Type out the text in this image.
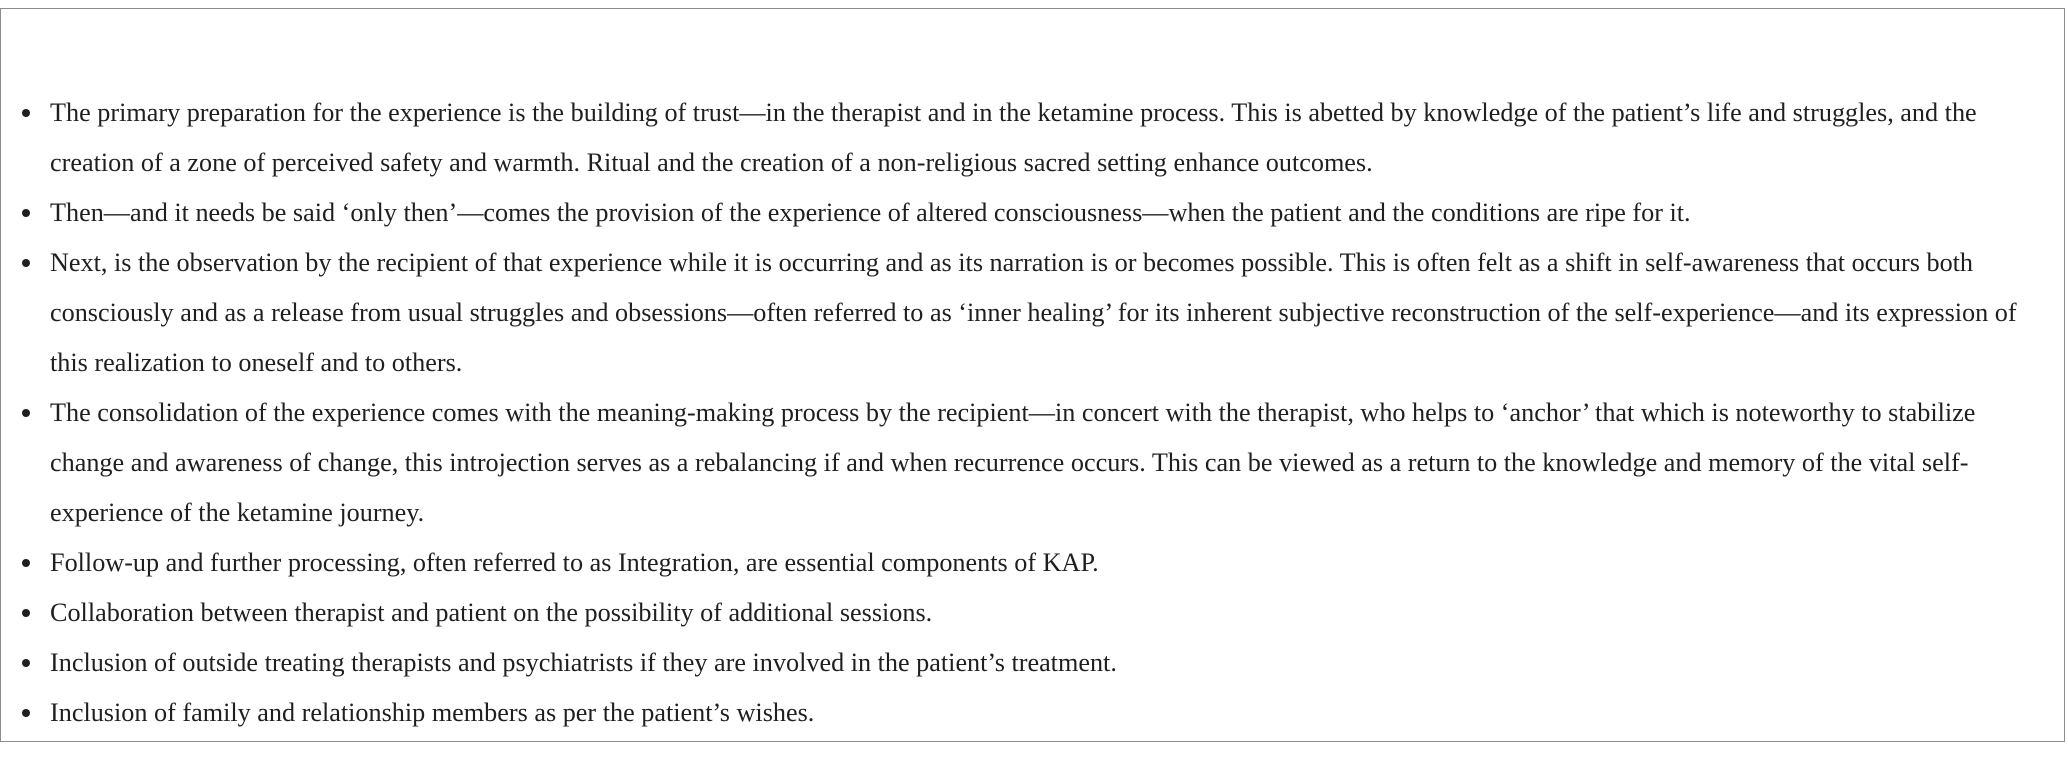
The primary preparation for the experience is the building of trust—in the therapist and in the ketamine process. This is abetted by knowledge of the patient’s life and struggles, and the creation of a zone of perceived safety and warmth. Ritual and the creation of a non-religious sacred setting enhance outcomes.
Then—and it needs be said ‘only then’—comes the provision of the experience of altered consciousness—when the patient and the conditions are ripe for it.
Next, is the observation by the recipient of that experience while it is occurring and as its narration is or becomes possible. This is often felt as a shift in self-awareness that occurs both consciously and as a release from usual struggles and obsessions—often referred to as ‘inner healing’ for its inherent subjective reconstruction of the self-experience—and its expression of this realization to oneself and to others.
The consolidation of the experience comes with the meaning-making process by the recipient—in concert with the therapist, who helps to ‘anchor’ that which is noteworthy to stabilize change and awareness of change, this introjection serves as a rebalancing if and when recurrence occurs. This can be viewed as a return to the knowledge and memory of the vital self-experience of the ketamine journey.
Follow-up and further processing, often referred to as Integration, are essential components of KAP.
Collaboration between therapist and patient on the possibility of additional sessions.
Inclusion of outside treating therapists and psychiatrists if they are involved in the patient’s treatment.
Inclusion of family and relationship members as per the patient’s wishes.
